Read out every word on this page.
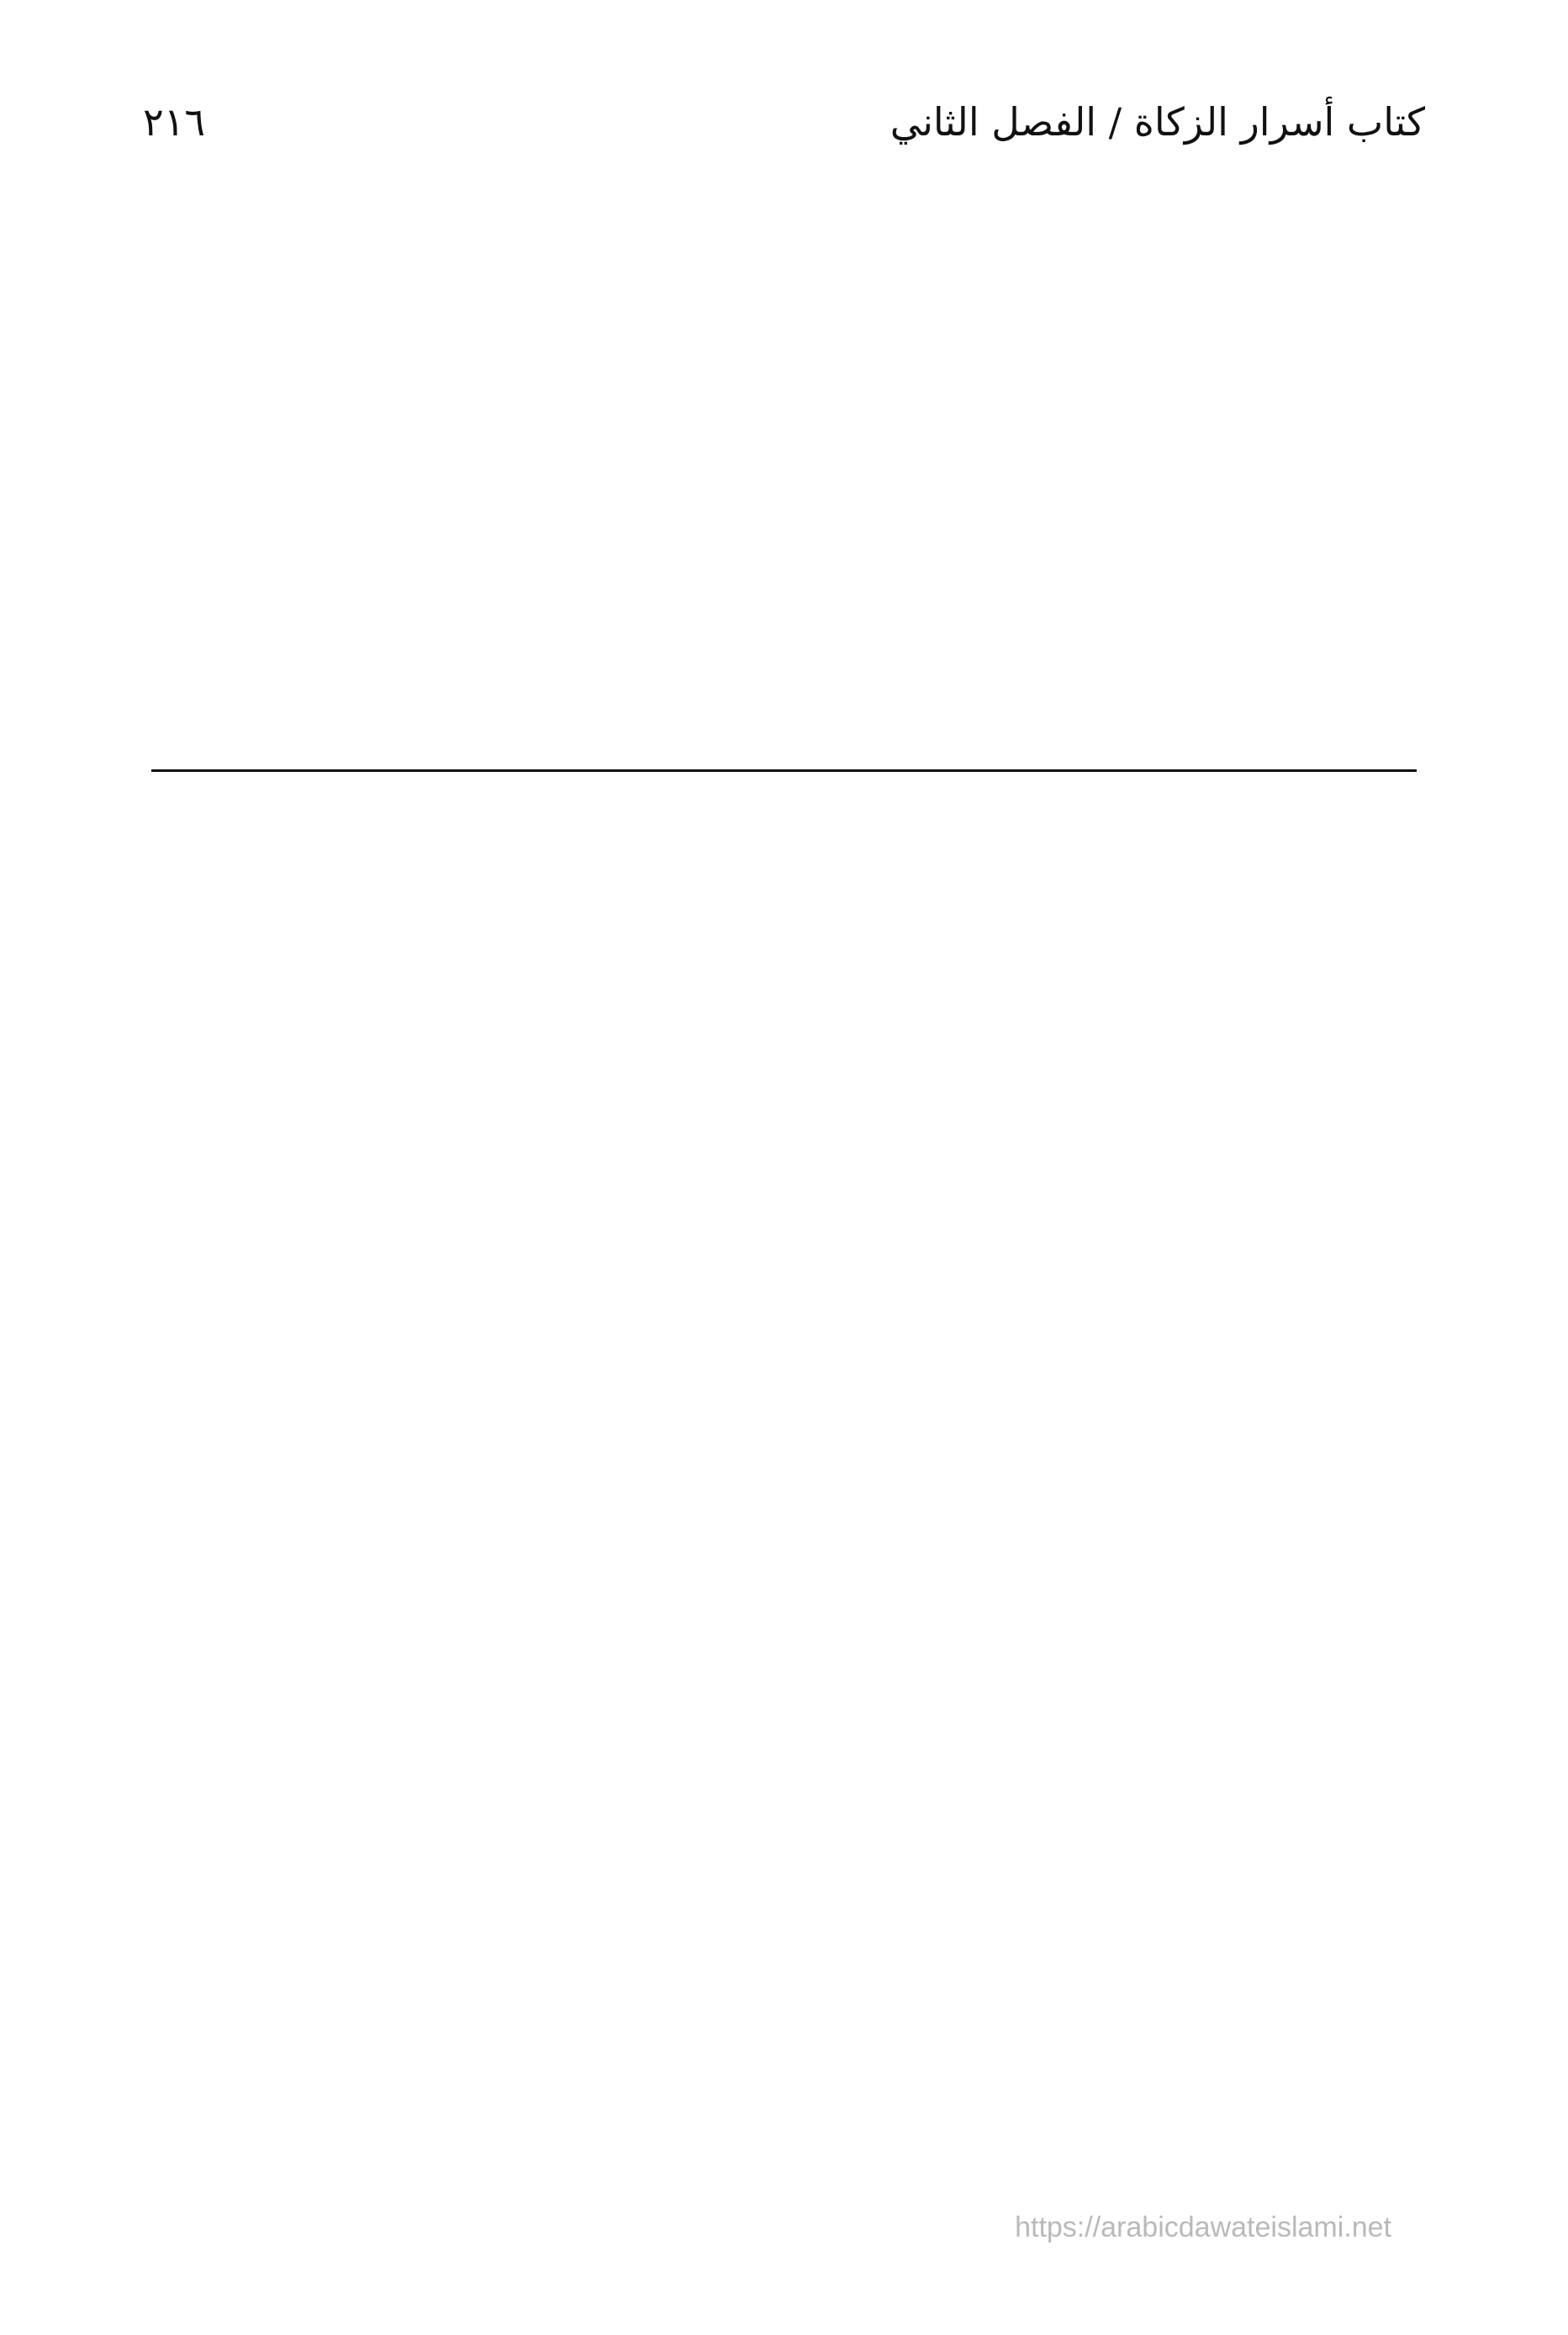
٢١٦	كتاب أسرار الزكاة / الفصل الثاني

https://arabicdawateislami.net
